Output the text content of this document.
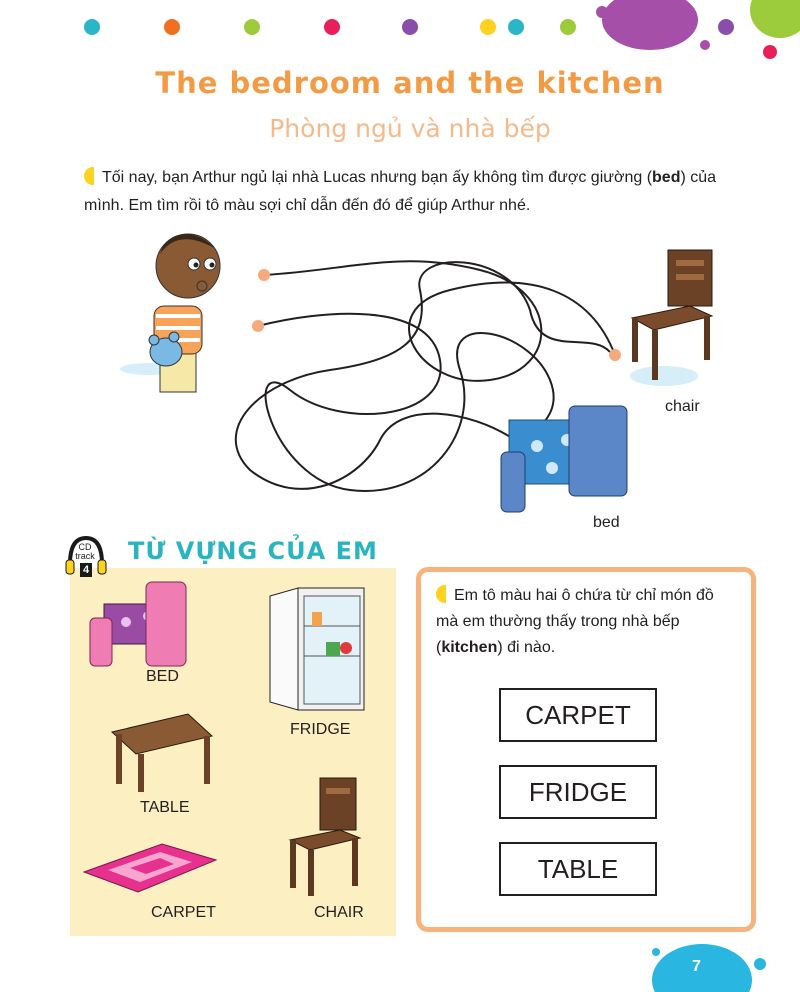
The bedroom and the kitchen
Phòng ngủ và nhà bếp
Tối nay, bạn Arthur ngủ lại nhà Lucas nhưng bạn ấy không tìm được giường (bed) của mình. Em tìm rồi tô màu sợi chỉ dẫn đến đó để giúp Arthur nhé.
chair
bed
CD track
4
TỪ VỰNG CỦA EM
BED
FRIDGE
TABLE
CARPET	CHAIR
Em tô màu hai ô chứa từ chỉ món đồ mà em thường thấy trong nhà bếp (kitchen) đi nào.
CARPET
FRIDGE
TABLE
7
